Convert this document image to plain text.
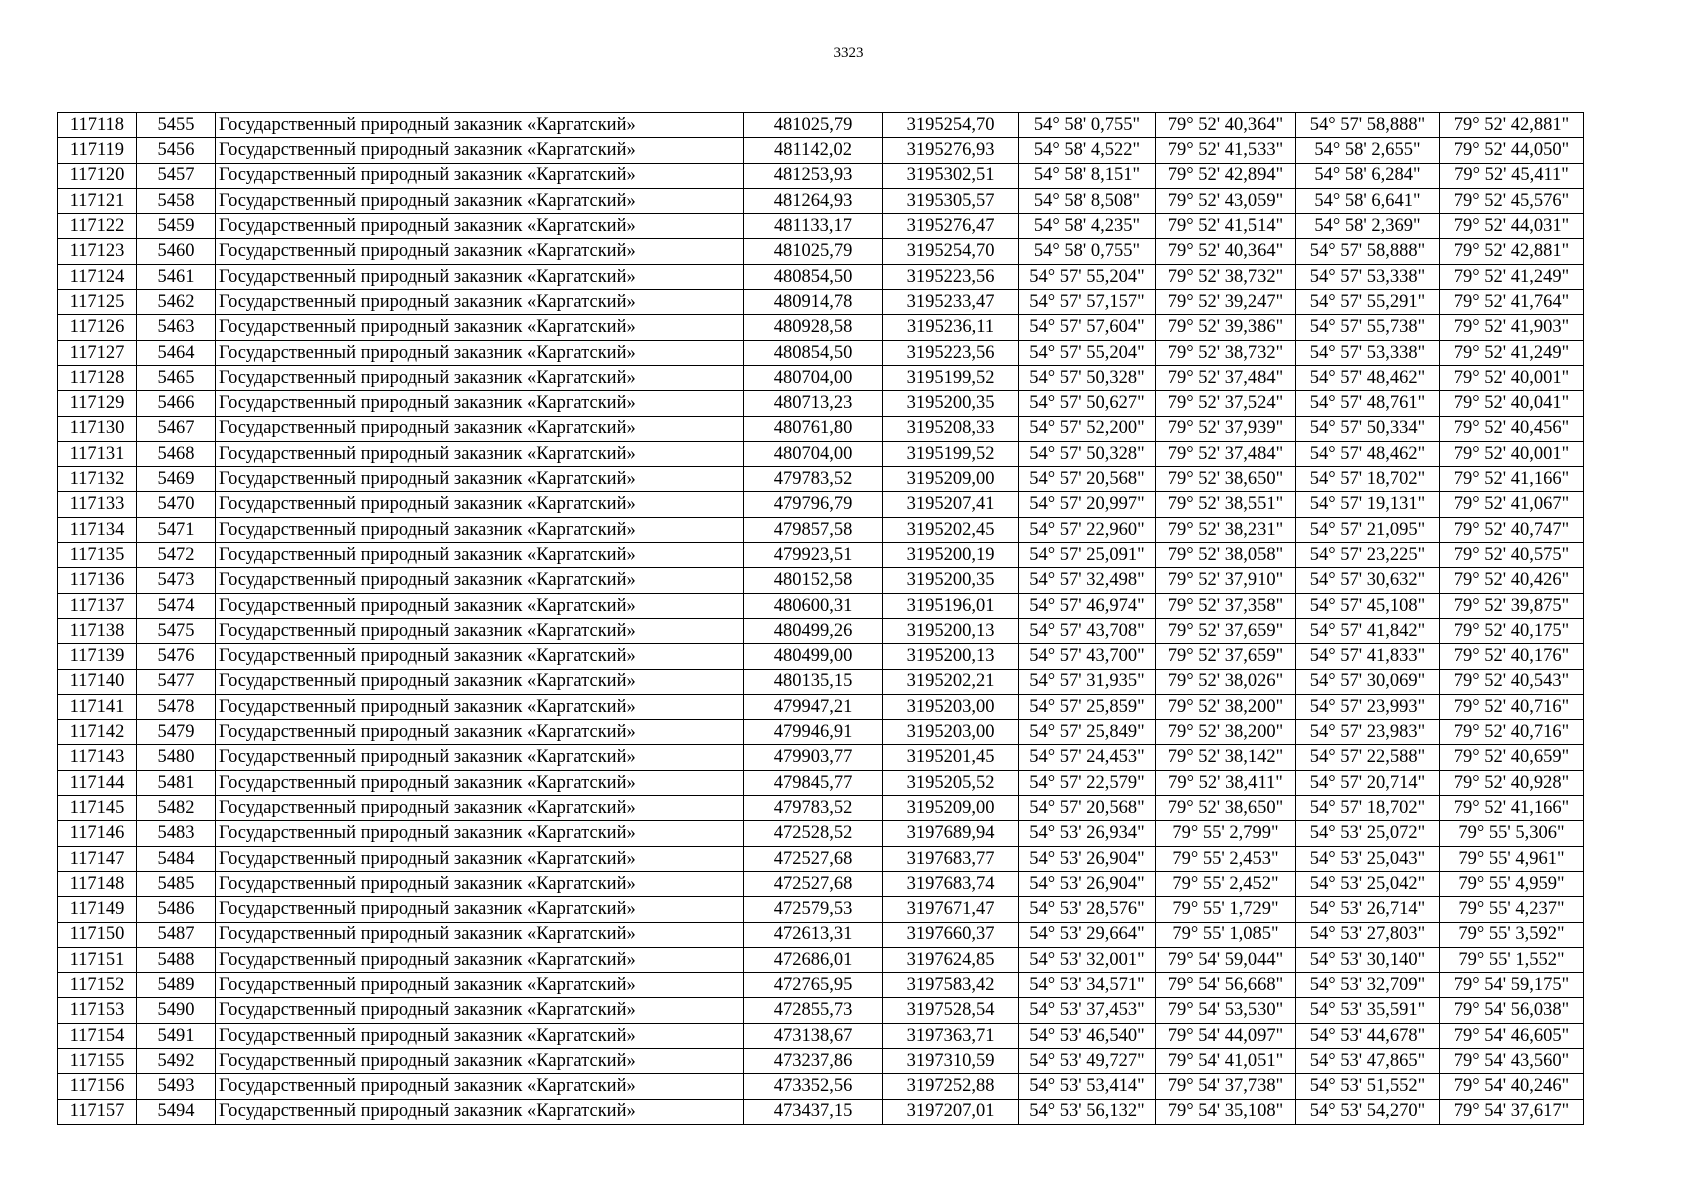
3323
117118	5455	Государственный природный заказник «Каргатский»	481025,79	3195254,70	54° 58' 0,755"	79° 52' 40,364"	54° 57' 58,888"	79° 52' 42,881"
117119	5456	Государственный природный заказник «Каргатский»	481142,02	3195276,93	54° 58' 4,522"	79° 52' 41,533"	54° 58' 2,655"	79° 52' 44,050"
117120	5457	Государственный природный заказник «Каргатский»	481253,93	3195302,51	54° 58' 8,151"	79° 52' 42,894"	54° 58' 6,284"	79° 52' 45,411"
117121	5458	Государственный природный заказник «Каргатский»	481264,93	3195305,57	54° 58' 8,508"	79° 52' 43,059"	54° 58' 6,641"	79° 52' 45,576"
117122	5459	Государственный природный заказник «Каргатский»	481133,17	3195276,47	54° 58' 4,235"	79° 52' 41,514"	54° 58' 2,369"	79° 52' 44,031"
117123	5460	Государственный природный заказник «Каргатский»	481025,79	3195254,70	54° 58' 0,755"	79° 52' 40,364"	54° 57' 58,888"	79° 52' 42,881"
117124	5461	Государственный природный заказник «Каргатский»	480854,50	3195223,56	54° 57' 55,204"	79° 52' 38,732"	54° 57' 53,338"	79° 52' 41,249"
117125	5462	Государственный природный заказник «Каргатский»	480914,78	3195233,47	54° 57' 57,157"	79° 52' 39,247"	54° 57' 55,291"	79° 52' 41,764"
117126	5463	Государственный природный заказник «Каргатский»	480928,58	3195236,11	54° 57' 57,604"	79° 52' 39,386"	54° 57' 55,738"	79° 52' 41,903"
117127	5464	Государственный природный заказник «Каргатский»	480854,50	3195223,56	54° 57' 55,204"	79° 52' 38,732"	54° 57' 53,338"	79° 52' 41,249"
117128	5465	Государственный природный заказник «Каргатский»	480704,00	3195199,52	54° 57' 50,328"	79° 52' 37,484"	54° 57' 48,462"	79° 52' 40,001"
117129	5466	Государственный природный заказник «Каргатский»	480713,23	3195200,35	54° 57' 50,627"	79° 52' 37,524"	54° 57' 48,761"	79° 52' 40,041"
117130	5467	Государственный природный заказник «Каргатский»	480761,80	3195208,33	54° 57' 52,200"	79° 52' 37,939"	54° 57' 50,334"	79° 52' 40,456"
117131	5468	Государственный природный заказник «Каргатский»	480704,00	3195199,52	54° 57' 50,328"	79° 52' 37,484"	54° 57' 48,462"	79° 52' 40,001"
117132	5469	Государственный природный заказник «Каргатский»	479783,52	3195209,00	54° 57' 20,568"	79° 52' 38,650"	54° 57' 18,702"	79° 52' 41,166"
117133	5470	Государственный природный заказник «Каргатский»	479796,79	3195207,41	54° 57' 20,997"	79° 52' 38,551"	54° 57' 19,131"	79° 52' 41,067"
117134	5471	Государственный природный заказник «Каргатский»	479857,58	3195202,45	54° 57' 22,960"	79° 52' 38,231"	54° 57' 21,095"	79° 52' 40,747"
117135	5472	Государственный природный заказник «Каргатский»	479923,51	3195200,19	54° 57' 25,091"	79° 52' 38,058"	54° 57' 23,225"	79° 52' 40,575"
117136	5473	Государственный природный заказник «Каргатский»	480152,58	3195200,35	54° 57' 32,498"	79° 52' 37,910"	54° 57' 30,632"	79° 52' 40,426"
117137	5474	Государственный природный заказник «Каргатский»	480600,31	3195196,01	54° 57' 46,974"	79° 52' 37,358"	54° 57' 45,108"	79° 52' 39,875"
117138	5475	Государственный природный заказник «Каргатский»	480499,26	3195200,13	54° 57' 43,708"	79° 52' 37,659"	54° 57' 41,842"	79° 52' 40,175"
117139	5476	Государственный природный заказник «Каргатский»	480499,00	3195200,13	54° 57' 43,700"	79° 52' 37,659"	54° 57' 41,833"	79° 52' 40,176"
117140	5477	Государственный природный заказник «Каргатский»	480135,15	3195202,21	54° 57' 31,935"	79° 52' 38,026"	54° 57' 30,069"	79° 52' 40,543"
117141	5478	Государственный природный заказник «Каргатский»	479947,21	3195203,00	54° 57' 25,859"	79° 52' 38,200"	54° 57' 23,993"	79° 52' 40,716"
117142	5479	Государственный природный заказник «Каргатский»	479946,91	3195203,00	54° 57' 25,849"	79° 52' 38,200"	54° 57' 23,983"	79° 52' 40,716"
117143	5480	Государственный природный заказник «Каргатский»	479903,77	3195201,45	54° 57' 24,453"	79° 52' 38,142"	54° 57' 22,588"	79° 52' 40,659"
117144	5481	Государственный природный заказник «Каргатский»	479845,77	3195205,52	54° 57' 22,579"	79° 52' 38,411"	54° 57' 20,714"	79° 52' 40,928"
117145	5482	Государственный природный заказник «Каргатский»	479783,52	3195209,00	54° 57' 20,568"	79° 52' 38,650"	54° 57' 18,702"	79° 52' 41,166"
117146	5483	Государственный природный заказник «Каргатский»	472528,52	3197689,94	54° 53' 26,934"	79° 55' 2,799"	54° 53' 25,072"	79° 55' 5,306"
117147	5484	Государственный природный заказник «Каргатский»	472527,68	3197683,77	54° 53' 26,904"	79° 55' 2,453"	54° 53' 25,043"	79° 55' 4,961"
117148	5485	Государственный природный заказник «Каргатский»	472527,68	3197683,74	54° 53' 26,904"	79° 55' 2,452"	54° 53' 25,042"	79° 55' 4,959"
117149	5486	Государственный природный заказник «Каргатский»	472579,53	3197671,47	54° 53' 28,576"	79° 55' 1,729"	54° 53' 26,714"	79° 55' 4,237"
117150	5487	Государственный природный заказник «Каргатский»	472613,31	3197660,37	54° 53' 29,664"	79° 55' 1,085"	54° 53' 27,803"	79° 55' 3,592"
117151	5488	Государственный природный заказник «Каргатский»	472686,01	3197624,85	54° 53' 32,001"	79° 54' 59,044"	54° 53' 30,140"	79° 55' 1,552"
117152	5489	Государственный природный заказник «Каргатский»	472765,95	3197583,42	54° 53' 34,571"	79° 54' 56,668"	54° 53' 32,709"	79° 54' 59,175"
117153	5490	Государственный природный заказник «Каргатский»	472855,73	3197528,54	54° 53' 37,453"	79° 54' 53,530"	54° 53' 35,591"	79° 54' 56,038"
117154	5491	Государственный природный заказник «Каргатский»	473138,67	3197363,71	54° 53' 46,540"	79° 54' 44,097"	54° 53' 44,678"	79° 54' 46,605"
117155	5492	Государственный природный заказник «Каргатский»	473237,86	3197310,59	54° 53' 49,727"	79° 54' 41,051"	54° 53' 47,865"	79° 54' 43,560"
117156	5493	Государственный природный заказник «Каргатский»	473352,56	3197252,88	54° 53' 53,414"	79° 54' 37,738"	54° 53' 51,552"	79° 54' 40,246"
117157	5494	Государственный природный заказник «Каргатский»	473437,15	3197207,01	54° 53' 56,132"	79° 54' 35,108"	54° 53' 54,270"	79° 54' 37,617"
